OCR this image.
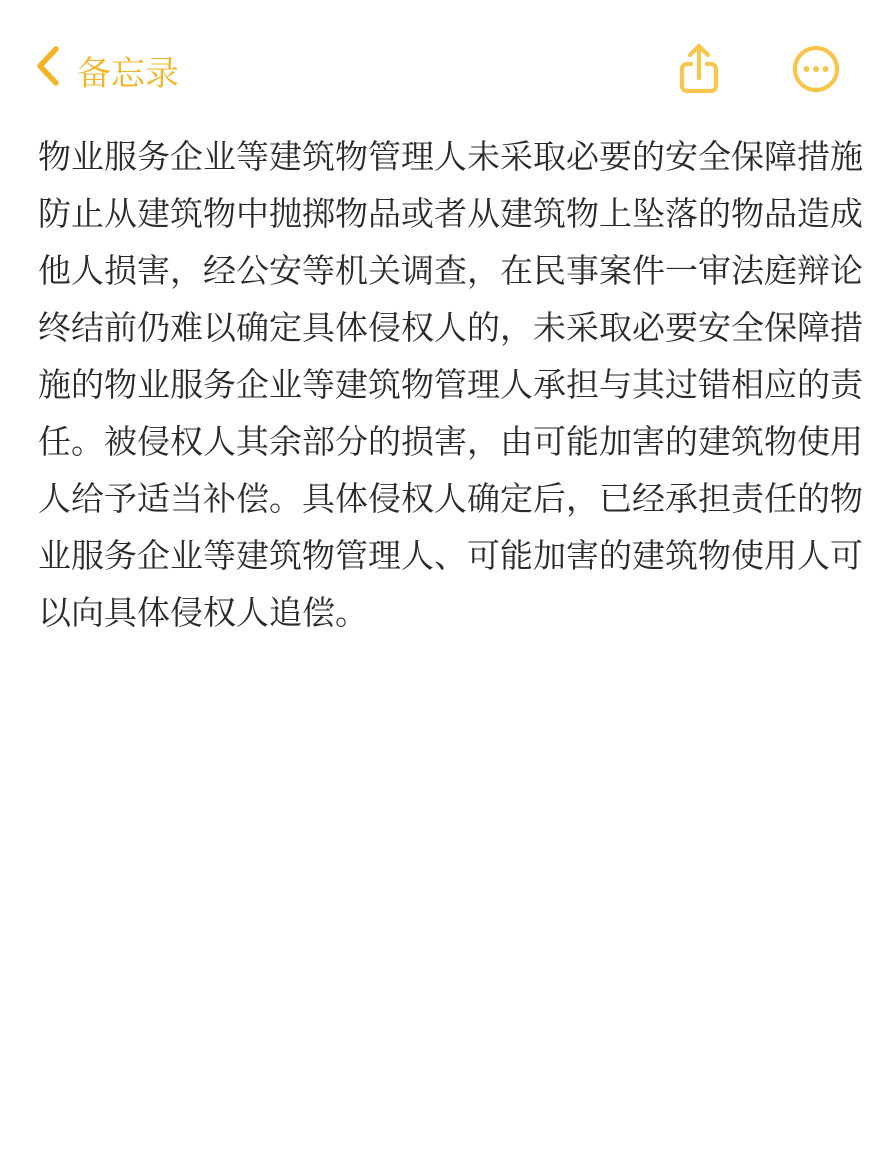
备忘录
物业服务企业等建筑物管理人未采取必要的安全保障措施防止从建筑物中抛掷物品或者从建筑物上坠落的物品造成他人损害，经公安等机关调查，在民事案件一审法庭辩论终结前仍难以确定具体侵权人的，未采取必要安全保障措施的物业服务企业等建筑物管理人承担与其过错相应的责任。被侵权人其余部分的损害，由可能加害的建筑物使用人给予适当补偿。具体侵权人确定后，已经承担责任的物业服务企业等建筑物管理人、可能加害的建筑物使用人可以向具体侵权人追偿。
